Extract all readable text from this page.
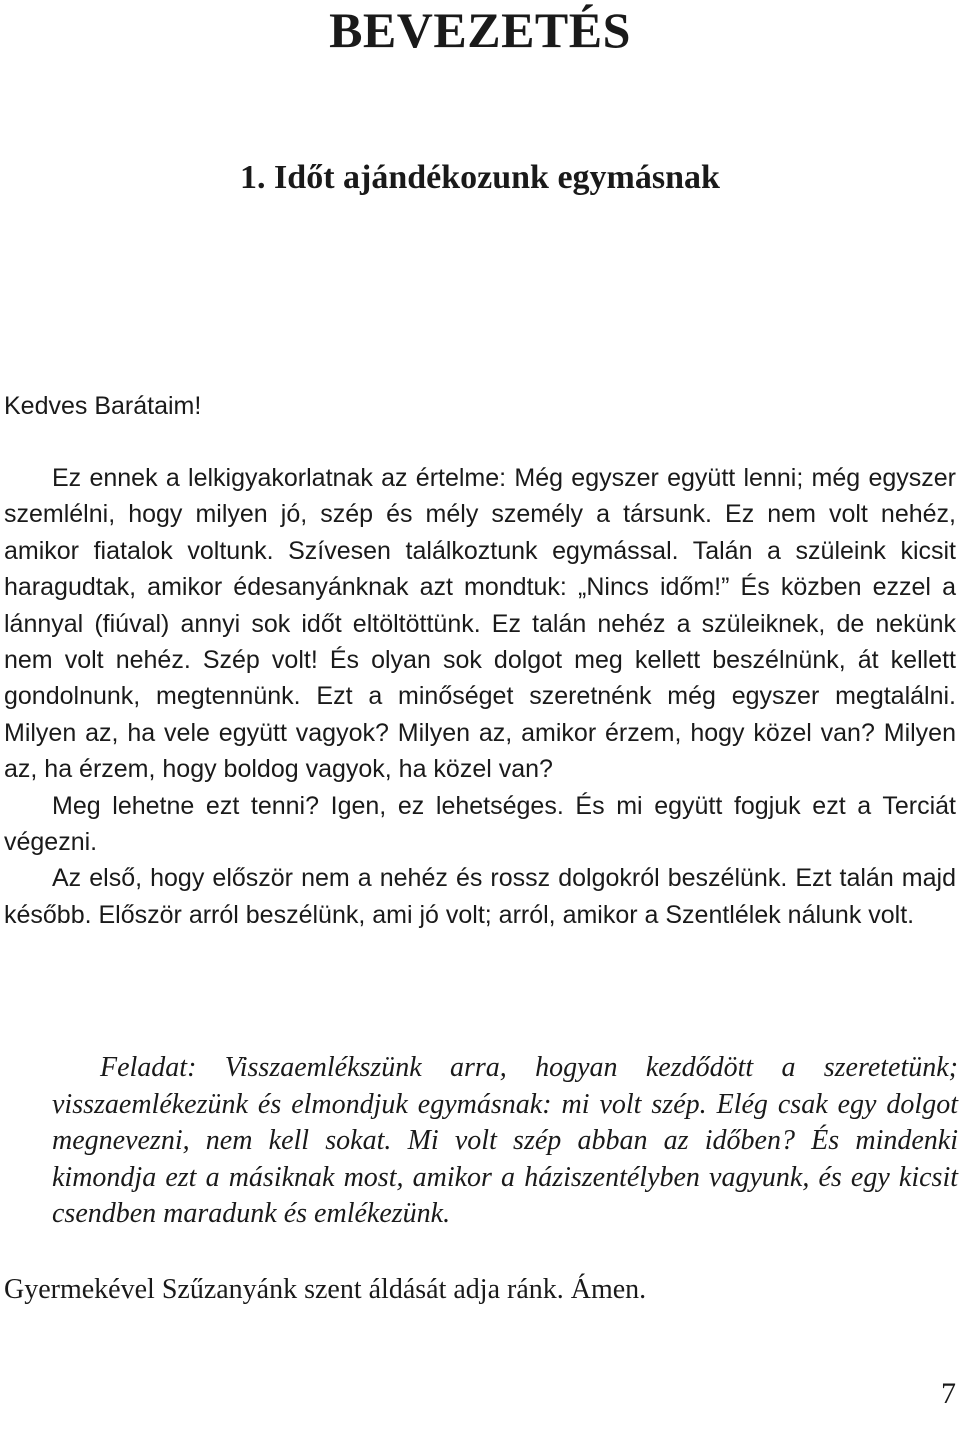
BEVEZETÉS
1. Időt ajándékozunk egymásnak

Kedves Barátaim!

Ez ennek a lelkigyakorlatnak az értelme: Még egyszer együtt lenni; még egyszer szemlélni, hogy milyen jó, szép és mély személy a társunk. Ez nem volt nehéz, amikor fiatalok voltunk. Szívesen találkoztunk egymással. Talán a szüleink kicsit haragudtak, amikor édesanyánknak azt mondtuk: „Nincs időm!” És közben ezzel a lánnyal (fiúval) annyi sok időt eltöltöttünk. Ez talán nehéz a szüleiknek, de nekünk nem volt nehéz. Szép volt! És olyan sok dolgot meg kellett beszélnünk, át kellett gondolnunk, megtennünk. Ezt a minőséget szeretnénk még egyszer megtalálni. Milyen az, ha vele együtt vagyok? Milyen az, amikor érzem, hogy közel van? Milyen az, ha érzem, hogy boldog vagyok, ha közel van?

Meg lehetne ezt tenni? Igen, ez lehetséges. És mi együtt fogjuk ezt a Terciát végezni.

Az első, hogy először nem a nehéz és rossz dolgokról beszélünk. Ezt talán majd később. Először arról beszélünk, ami jó volt; arról, amikor a Szentlélek nálunk volt.

Feladat: Visszaemlékszünk arra, hogyan kezdődött a szeretetünk; visszaemlékezünk és elmondjuk egymásnak: mi volt szép. Elég csak egy dolgot megnevezni, nem kell sokat. Mi volt szép abban az időben? És mindenki kimondja ezt a másiknak most, amikor a háziszentélyben vagyunk, és egy kicsit csendben maradunk és emlékezünk.

Gyermekével Szűzanyánk szent áldását adja ránk. Ámen.

7
